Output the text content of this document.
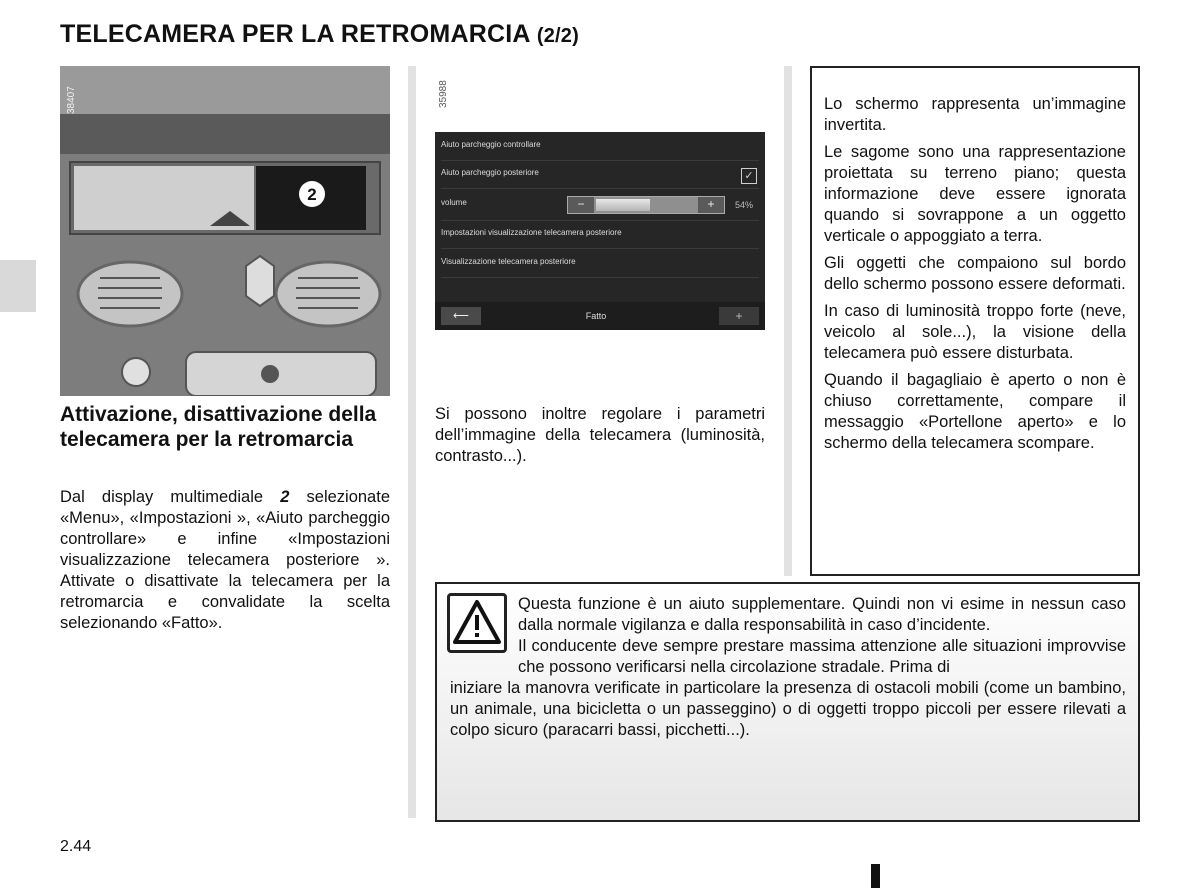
TELECAMERA PER LA RETROMARCIA (2/2)
2
38407	35988
Aiuto parcheggio controllare
Aiuto parcheggio posteriore
volume
Impostazioni visualizzazione telecamera posteriore
Visualizzazione telecamera posteriore
✓
−	+	54%
⟵	Fatto	+
Attivazione, disattivazione della telecamera per la retromarcia
Dal display multimediale 2 selezionate «Menu», «Impostazioni », «Aiuto parcheggio controllare» e infine «Impostazioni visualizzazione telecamera posteriore ». Attivate o disattivate la telecamera per la retromarcia e convalidate la scelta selezionando «Fatto».
Si possono inoltre regolare i parametri dell’immagine della telecamera (luminosità, contrasto...).

Lo schermo rappresenta un’immagine invertita.

Le sagome sono una rappresentazione proiettata su terreno piano; questa informazione deve essere ignorata quando si sovrappone a un oggetto verticale o appoggiato a terra.

Gli oggetti che compaiono sul bordo dello schermo possono essere deformati.

In caso di luminosità troppo forte (neve, veicolo al sole...), la visione della telecamera può essere disturbata.

Quando il bagagliaio è aperto o non è chiuso correttamente, compare il messaggio «Portellone aperto» e lo schermo della telecamera scompare.

Questa funzione è un aiuto supplementare. Quindi non vi esime in nessun caso dalla normale vigilanza e dalla responsabilità in caso d’incidente.
Il conducente deve sempre prestare massima attenzione alle situazioni improvvise che possono verificarsi nella circolazione stradale. Prima di
iniziare la manovra verificate in particolare la presenza di ostacoli mobili (come un bambino, un animale, una bicicletta o un passeggino) o di oggetti troppo piccoli per essere rilevati a colpo sicuro (paracarri bassi, picchetti...).
2.44
